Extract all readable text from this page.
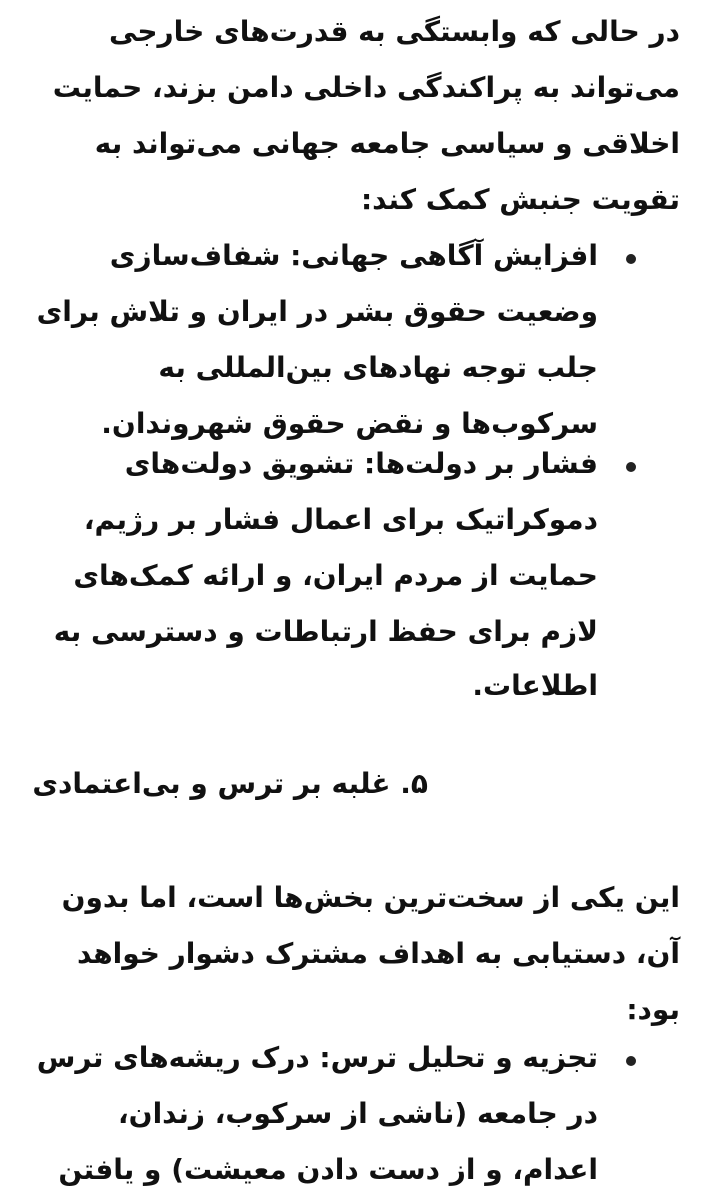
در حالی که وابستگی به قدرت‌های خارجی
می‌تواند به پراکندگی داخلی دامن بزند، حمایت
اخلاقی و سیاسی جامعه جهانی می‌تواند به
تقویت جنبش کمک کند:
افزایش آگاهی جهانی: شفاف‌سازی
وضعیت حقوق بشر در ایران و تلاش برای
جلب توجه نهادهای بین‌المللی به
سرکوب‌ها و نقض حقوق شهروندان.
فشار بر دولت‌ها: تشویق دولت‌های
دموکراتیک برای اعمال فشار بر رژیم،
حمایت از مردم ایران، و ارائه کمک‌های
لازم برای حفظ ارتباطات و دسترسی به
اطلاعات.
۵. غلبه بر ترس و بی‌اعتمادی
این یکی از سخت‌ترین بخش‌ها است، اما بدون
آن، دستیابی به اهداف مشترک دشوار خواهد
بود:
تجزیه و تحلیل ترس: درک ریشه‌های ترس
در جامعه (ناشی از سرکوب، زندان،
اعدام، و از دست دادن معیشت) و یافتن
